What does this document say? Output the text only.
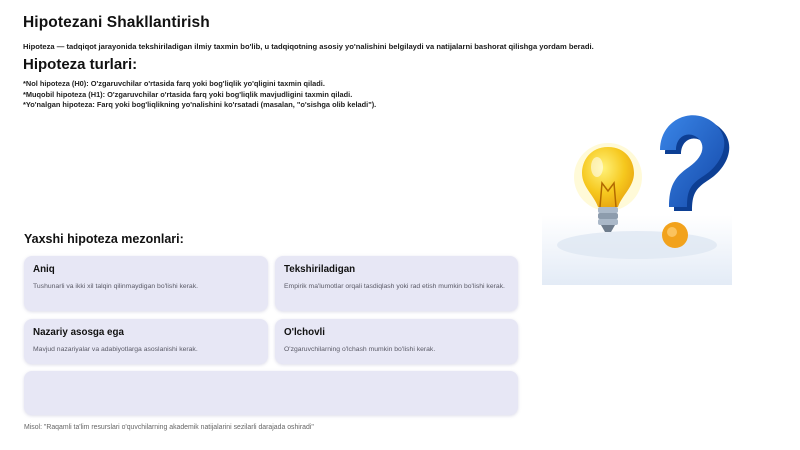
Hipotezani Shakllantirish
Hipoteza — tadqiqot jarayonida tekshiriladigan ilmiy taxmin bo'lib, u tadqiqotning asosiy yo'nalishini belgilaydi va natijalarni bashorat qilishga yordam beradi.
Hipoteza turlari:
*Nol hipoteza (H0): O'zgaruvchilar o'rtasida farq yoki bog'liqlik yo'qligini taxmin qiladi.
*Muqobil hipoteza (H1): O'zgaruvchilar o'rtasida farq yoki bog'liqlik mavjudligini taxmin qiladi.
*Yo'nalgan hipoteza: Farq yoki bog'liqlikning yo'nalishini ko'rsatadi (masalan, "o'sishga olib keladi").
Yaxshi hipoteza mezonlari:
Aniq
Tushunarli va ikki xil talqin qilinmaydigan bo'lishi kerak.
Tekshiriladigan
Empirik ma'lumotlar orqali tasdiqlash yoki rad etish mumkin bo'lishi kerak.
Nazariy asosga ega
Mavjud nazariyalar va adabiyotlarga asoslanishi kerak.
O'lchovli
O'zgaruvchilarning o'lchash mumkin bo'lishi kerak.
Misol: "Raqamli ta'lim resurslari o'quvchilarning akademik natijalarini sezilarli darajada oshiradi"
